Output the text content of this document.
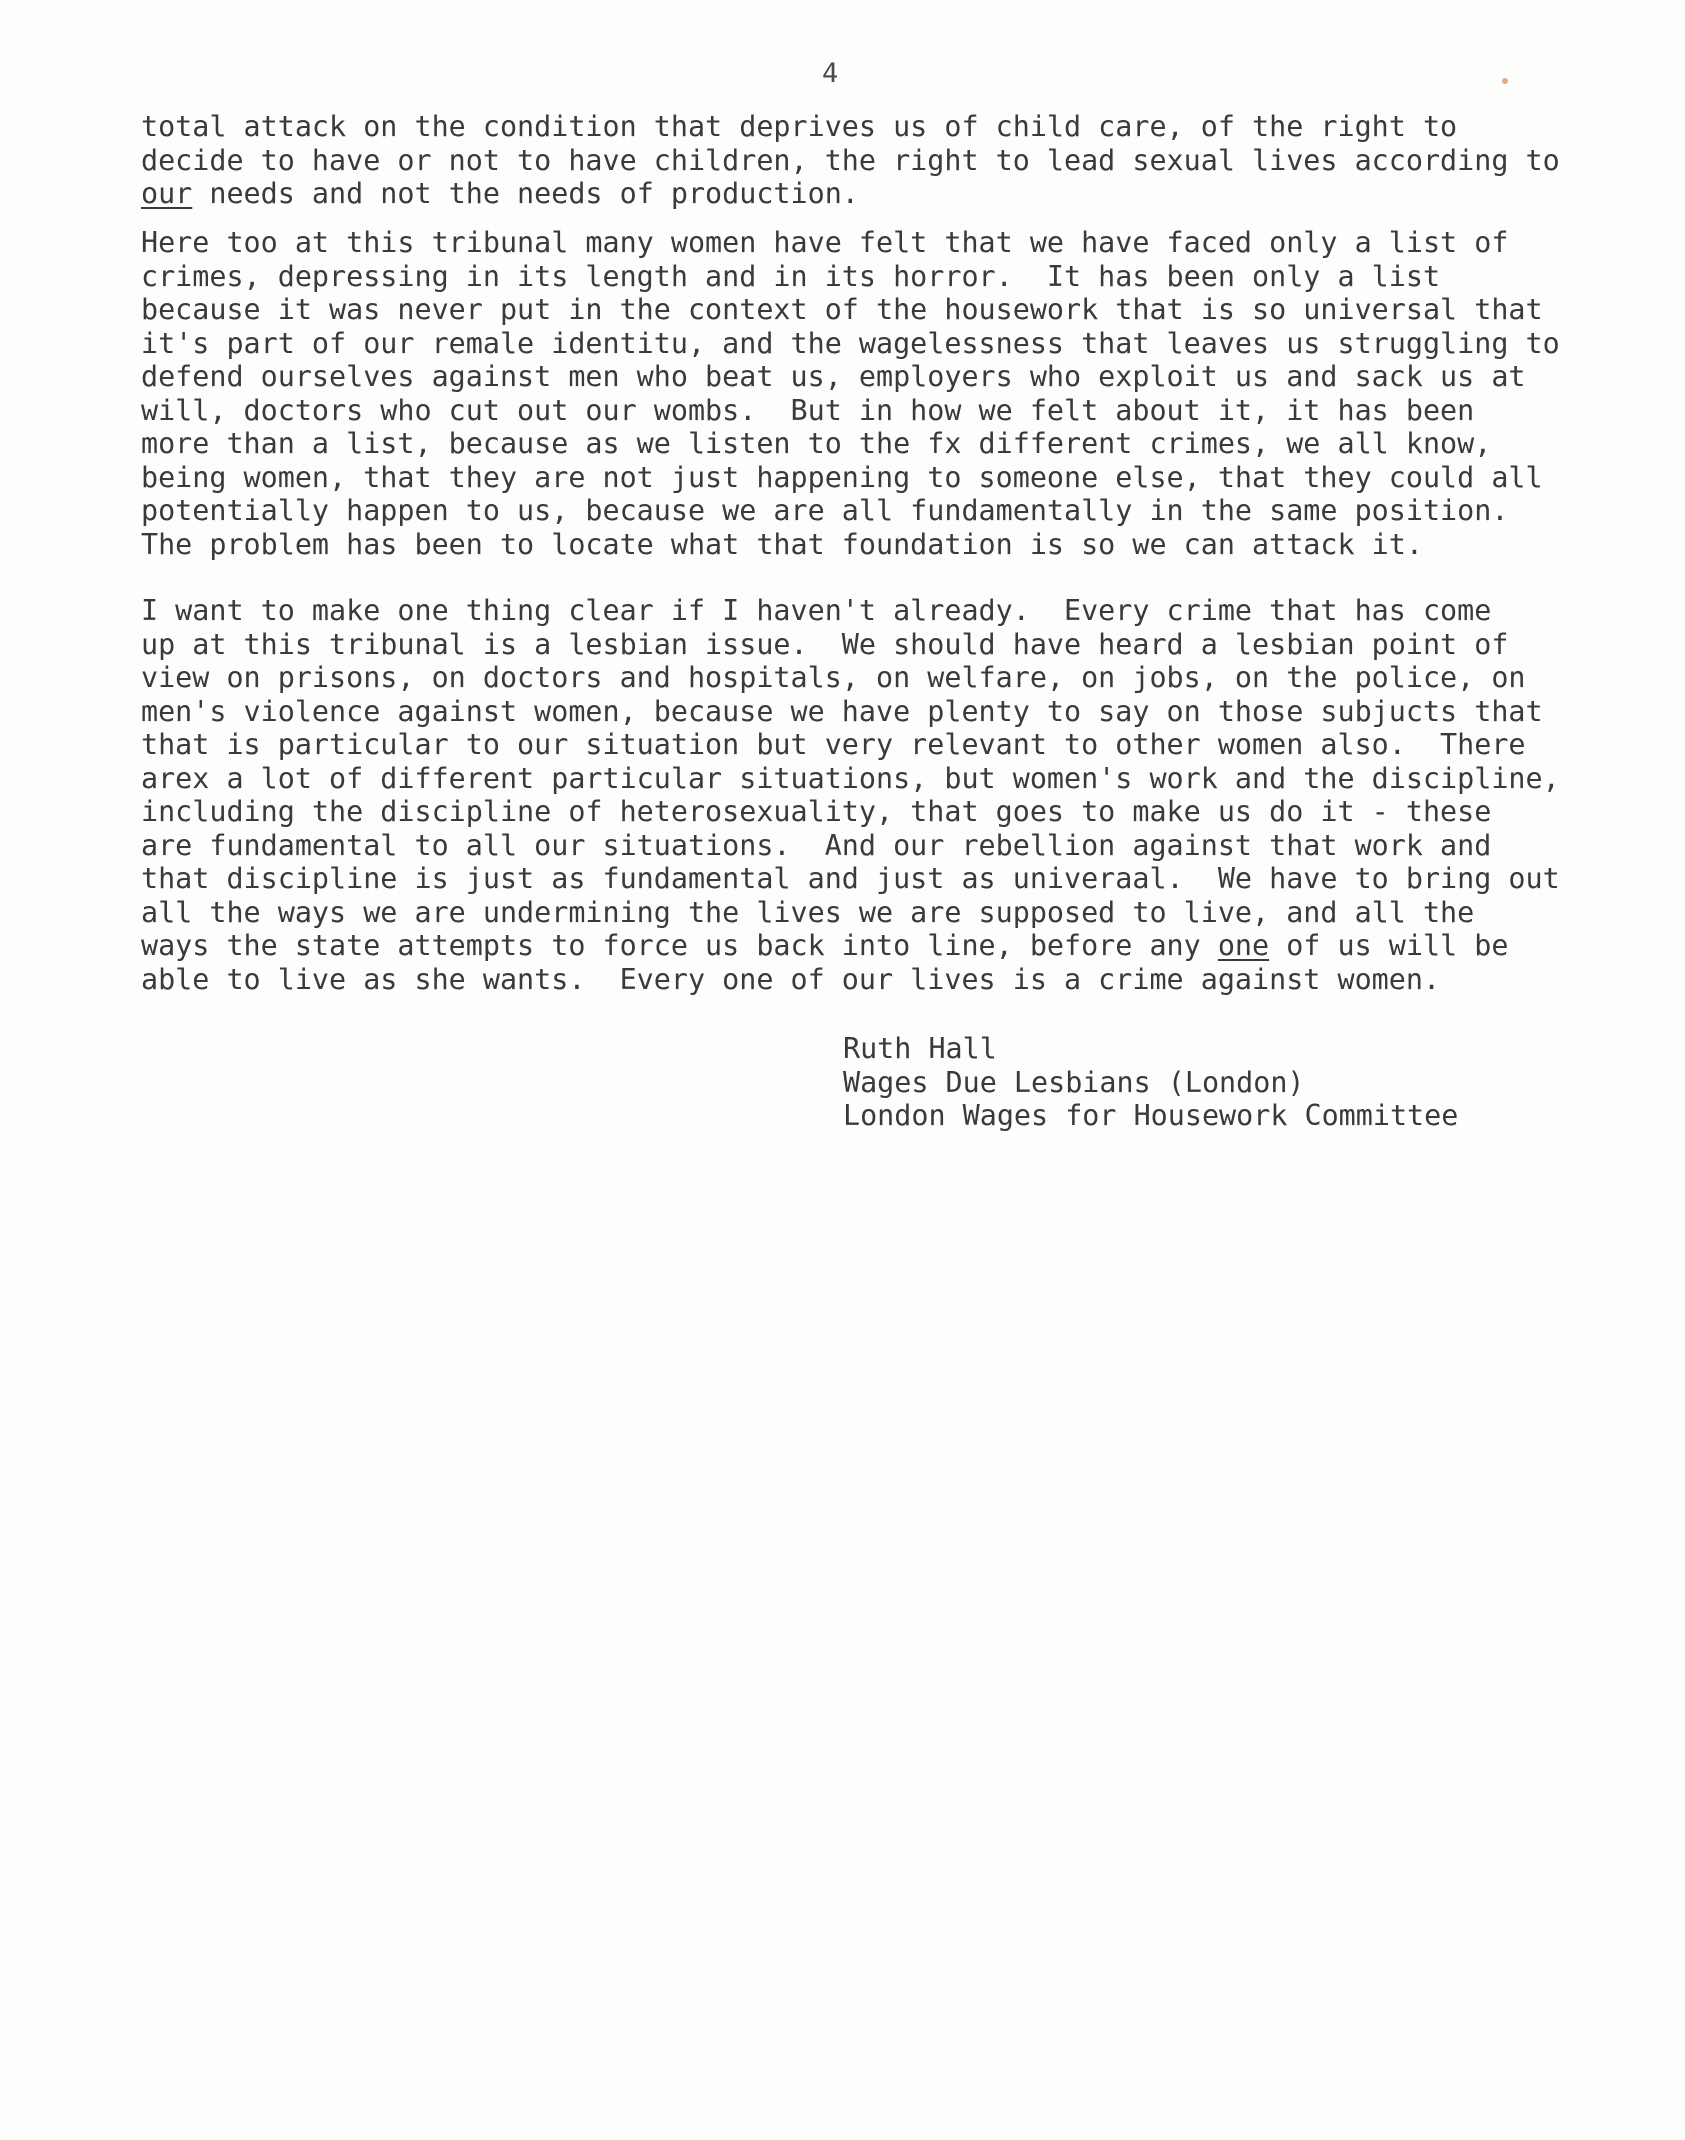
4

total attack on the condition that deprives us of child care, of the right to
decide to have or not to have children, the right to lead sexual lives according to
our needs and not the needs of production.

Here too at this tribunal many women have felt that we have faced only a list of
crimes, depressing in its length and in its horror.  It has been only a list
because it was never put in the context of the housework that is so universal that
it's part of our remale identitu, and the wagelessness that leaves us struggling to
defend ourselves against men who beat us, employers who exploit us and sack us at
will, doctors who cut out our wombs.  But in how we felt about it, it has been
more than a list, because as we listen to the fx different crimes, we all know,
being women, that they are not just happening to someone else, that they could all
potentially happen to us, because we are all fundamentally in the same position.
The problem has been to locate what that foundation is so we can attack it.

I want to make one thing clear if I haven't already.  Every crime that has come
up at this tribunal is a lesbian issue.  We should have heard a lesbian point of
view on prisons, on doctors and hospitals, on welfare, on jobs, on the police, on
men's violence against women, because we have plenty to say on those subjucts that
that is particular to our situation but very relevant to other women also.  There
arex a lot of different particular situations, but women's work and the discipline,
including the discipline of heterosexuality, that goes to make us do it - these
are fundamental to all our situations.  And our rebellion against that work and
that discipline is just as fundamental and just as univeraal.  We have to bring out
all the ways we are undermining the lives we are supposed to live, and all the
ways the state attempts to force us back into line, before any one of us will be
able to live as she wants.  Every one of our lives is a crime against women.

Ruth Hall
Wages Due Lesbians (London)
London Wages for Housework Committee
